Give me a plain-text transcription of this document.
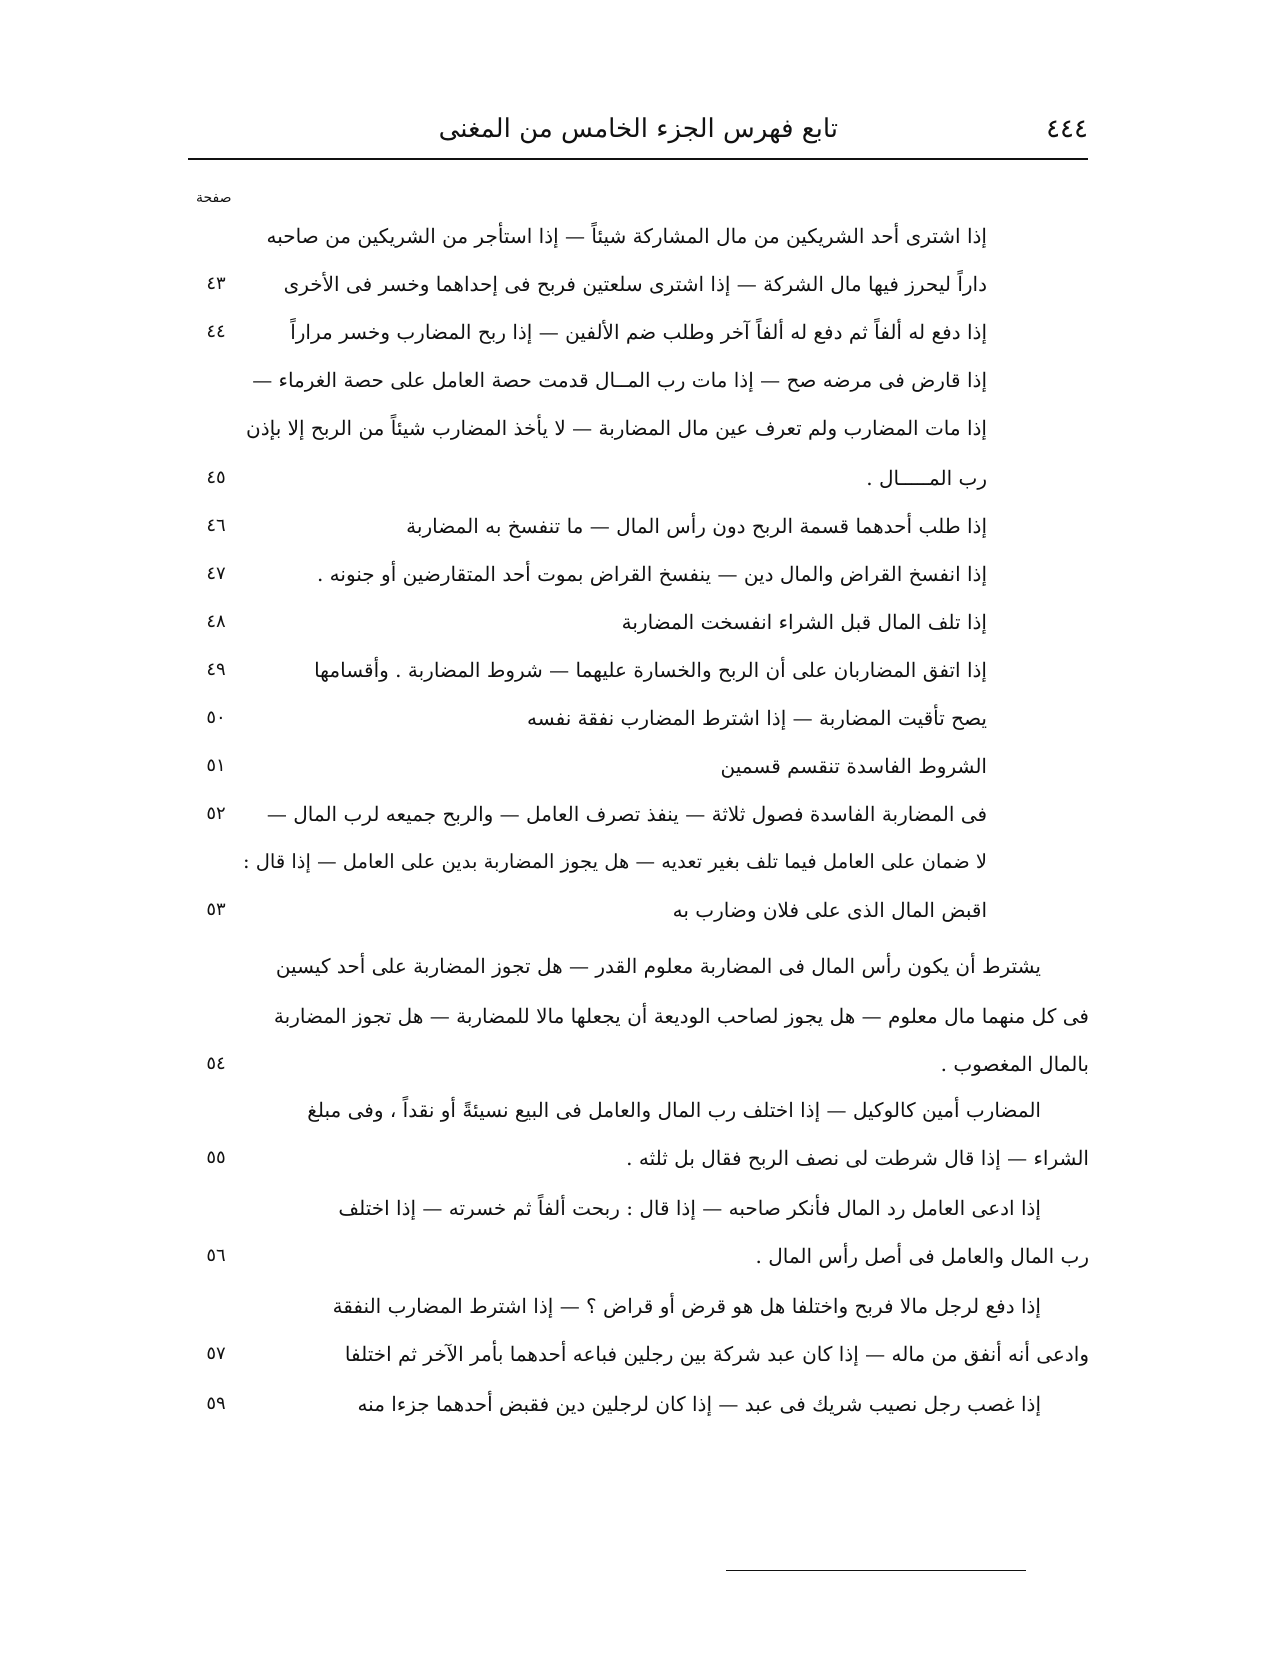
تابع فهرس الجزء الخامس من المغنى	٤٤٤
صفحة
إذا اشترى أحد الشريكين من مال المشاركة شيئاً — إذا استأجر من الشريكين من صاحبه
داراً ليحرز فيها مال الشركة — إذا اشترى سلعتين فربح فى إحداهما وخسر فى الأخرى
٤٣
إذا دفع له ألفاً ثم دفع له ألفاً آخر وطلب ضم الألفين — إذا ربح المضارب وخسر مراراً
٤٤
إذا قارض فى مرضه صح — إذا مات رب المــال قدمت حصة العامل على حصة الغرماء —
إذا مات المضارب ولم تعرف عين مال المضاربة — لا يأخذ المضارب شيئاً من الربح إلا بإذن
رب المـــــال .
٤٥
إذا طلب أحدهما قسمة الربح دون رأس المال — ما تنفسخ به المضاربة
٤٦
إذا انفسخ القراض والمال دين — ينفسخ القراض بموت أحد المتقارضين أو جنونه .
٤٧
إذا تلف المال قبل الشراء انفسخت المضاربة
٤٨
إذا اتفق المضاربان على أن الربح والخسارة عليهما — شروط المضاربة . وأقسامها
٤٩
يصح تأقيت المضاربة — إذا اشترط المضارب نفقة نفسه
٥٠
الشروط الفاسدة تنقسم قسمين
٥١
فى المضاربة الفاسدة فصول ثلاثة — ينفذ تصرف العامل — والربح جميعه لرب المال —
٥٢
لا ضمان على العامل فيما تلف بغير تعديه — هل يجوز المضاربة بدين على العامل — إذا قال :
اقبض المال الذى على فلان وضارب به
٥٣
يشترط أن يكون رأس المال فى المضاربة معلوم القدر — هل تجوز المضاربة على أحد كيسين
فى كل منهما مال معلوم — هل يجوز لصاحب الوديعة أن يجعلها مالا للمضاربة — هل تجوز المضاربة
بالمال المغصوب .
٥٤
المضارب أمين كالوكيل — إذا اختلف رب المال والعامل فى البيع نسيئةً أو نقداً ، وفى مبلغ
الشراء — إذا قال شرطت لى نصف الربح فقال بل ثلثه .
٥٥
إذا ادعى العامل رد المال فأنكر صاحبه — إذا قال : ربحت ألفاً ثم خسرته — إذا اختلف
رب المال والعامل فى أصل رأس المال .
٥٦
إذا دفع لرجل مالا فربح واختلفا هل هو قرض أو قراض ؟ — إذا اشترط المضارب النفقة
وادعى أنه أنفق من ماله — إذا كان عبد شركة بين رجلين فباعه أحدهما بأمر الآخر ثم اختلفا
٥٧
إذا غصب رجل نصيب شريك فى عبد — إذا كان لرجلين دين فقبض أحدهما جزءا منه
٥٩
